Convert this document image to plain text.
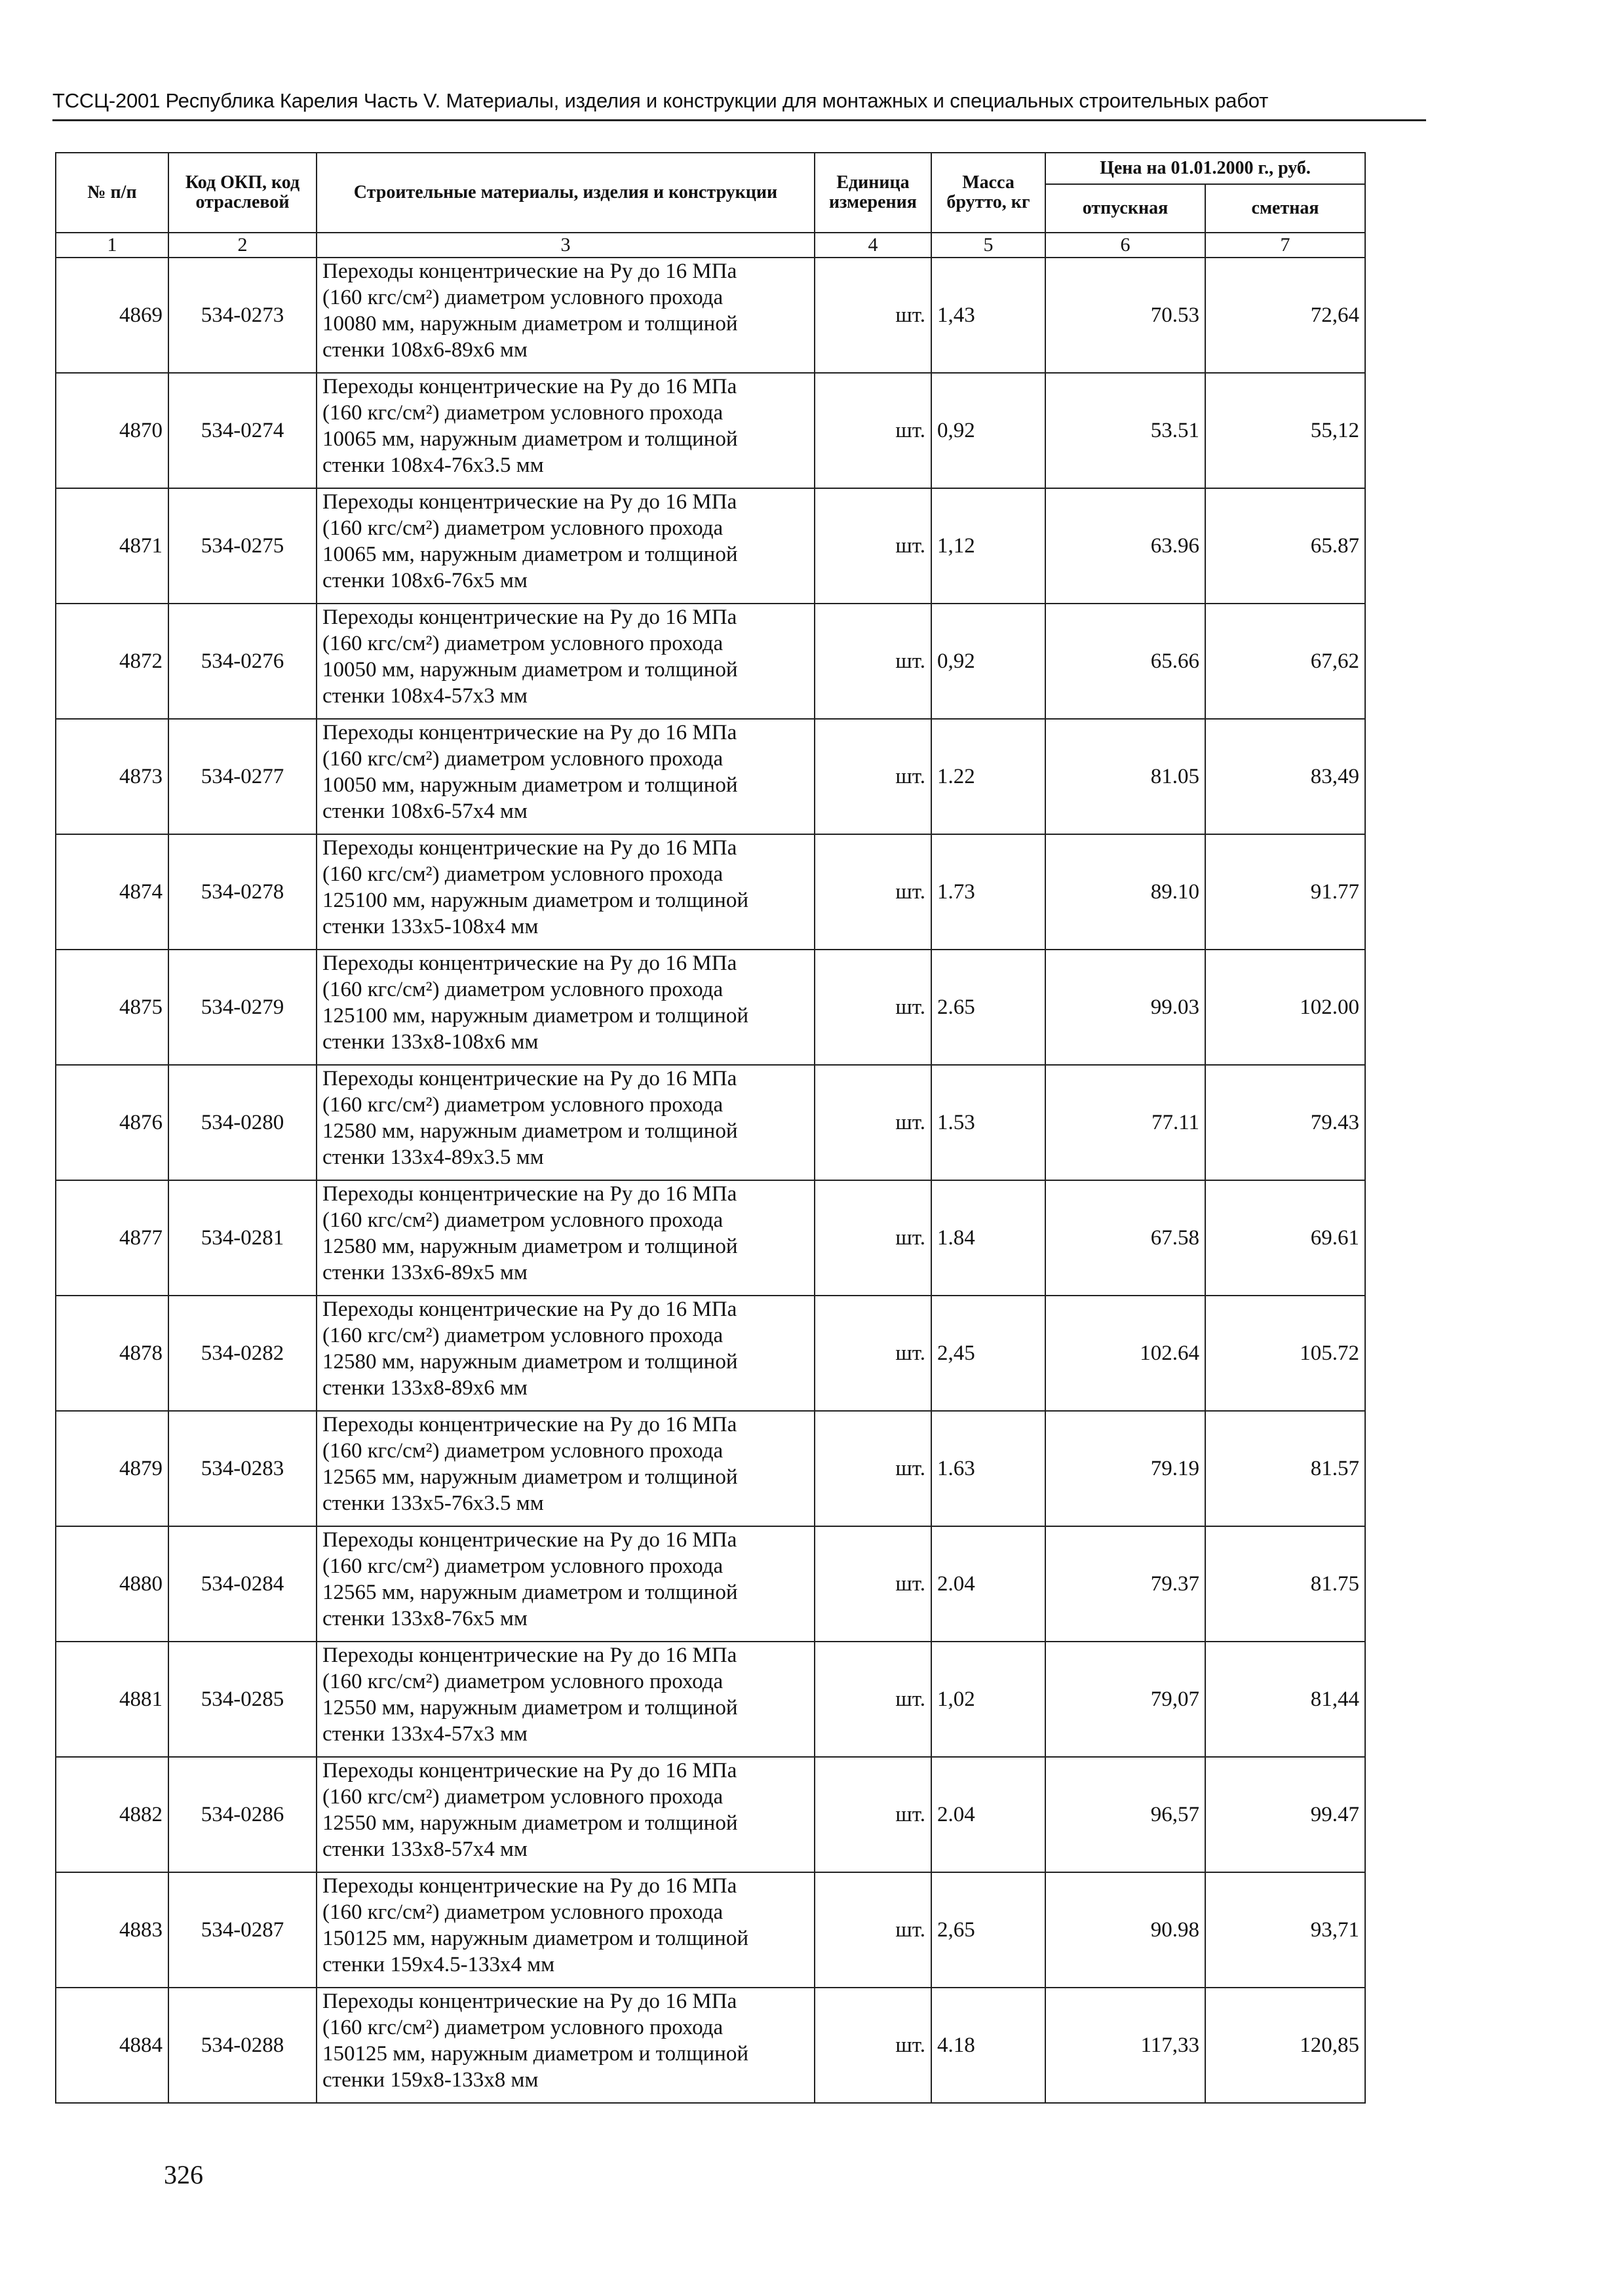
ТССЦ-2001 Республика Карелия Часть V. Материалы, изделия и конструкции для монтажных и специальных строительных работ
№ п/п	Код ОКП, код отраслевой	Строительные материалы, изделия и конструкции	Единица измерения	Масса брутто, кг	Цена на 01.01.2000 г., руб.	
					отпускная	сметная
1	2	3	4	5	6	7
4869	534-0273	Переходы концентрические на Ру до 16 МПа
(160 кгс/см²) диаметром условного прохода
10080 мм, наружным диаметром и толщиной
стенки 108х6-89х6 мм	шт.	1,43	70.53	72,64
4870	534-0274	Переходы концентрические на Ру до 16 МПа
(160 кгс/см²) диаметром условного прохода
10065 мм, наружным диаметром и толщиной
стенки 108х4-76х3.5 мм	шт.	0,92	53.51	55,12
4871	534-0275	Переходы концентрические на Ру до 16 МПа
(160 кгс/см²) диаметром условного прохода
10065 мм, наружным диаметром и толщиной
стенки 108х6-76х5 мм	шт.	1,12	63.96	65.87
4872	534-0276	Переходы концентрические на Ру до 16 МПа
(160 кгс/см²) диаметром условного прохода
10050 мм, наружным диаметром и толщиной
стенки 108х4-57х3 мм	шт.	0,92	65.66	67,62
4873	534-0277	Переходы концентрические на Ру до 16 МПа
(160 кгс/см²) диаметром условного прохода
10050 мм, наружным диаметром и толщиной
стенки 108х6-57х4 мм	шт.	1.22	81.05	83,49
4874	534-0278	Переходы концентрические на Ру до 16 МПа
(160 кгс/см²) диаметром условного прохода
125100 мм, наружным диаметром и толщиной
стенки 133х5-108х4 мм	шт.	1.73	89.10	91.77
4875	534-0279	Переходы концентрические на Ру до 16 МПа
(160 кгс/см²) диаметром условного прохода
125100 мм, наружным диаметром и толщиной
стенки 133х8-108х6 мм	шт.	2.65	99.03	102.00
4876	534-0280	Переходы концентрические на Ру до 16 МПа
(160 кгс/см²) диаметром условного прохода
12580 мм, наружным диаметром и толщиной
стенки 133х4-89х3.5 мм	шт.	1.53	77.11	79.43
4877	534-0281	Переходы концентрические на Ру до 16 МПа
(160 кгс/см²) диаметром условного прохода
12580 мм, наружным диаметром и толщиной
стенки 133х6-89х5 мм	шт.	1.84	67.58	69.61
4878	534-0282	Переходы концентрические на Ру до 16 МПа
(160 кгс/см²) диаметром условного прохода
12580 мм, наружным диаметром и толщиной
стенки 133х8-89х6 мм	шт.	2,45	102.64	105.72
4879	534-0283	Переходы концентрические на Ру до 16 МПа
(160 кгс/см²) диаметром условного прохода
12565 мм, наружным диаметром и толщиной
стенки 133х5-76х3.5 мм	шт.	1.63	79.19	81.57
4880	534-0284	Переходы концентрические на Ру до 16 МПа
(160 кгс/см²) диаметром условного прохода
12565 мм, наружным диаметром и толщиной
стенки 133х8-76х5 мм	шт.	2.04	79.37	81.75
4881	534-0285	Переходы концентрические на Ру до 16 МПа
(160 кгс/см²) диаметром условного прохода
12550 мм, наружным диаметром и толщиной
стенки 133х4-57х3 мм	шт.	1,02	79,07	81,44
4882	534-0286	Переходы концентрические на Ру до 16 МПа
(160 кгс/см²) диаметром условного прохода
12550 мм, наружным диаметром и толщиной
стенки 133х8-57х4 мм	шт.	2.04	96,57	99.47
4883	534-0287	Переходы концентрические на Ру до 16 МПа
(160 кгс/см²) диаметром условного прохода
150125 мм, наружным диаметром и толщиной
стенки 159х4.5-133х4 мм	шт.	2,65	90.98	93,71
4884	534-0288	Переходы концентрические на Ру до 16 МПа
(160 кгс/см²) диаметром условного прохода
150125 мм, наружным диаметром и толщиной
стенки 159х8-133х8 мм	шт.	4.18	117,33	120,85
326
